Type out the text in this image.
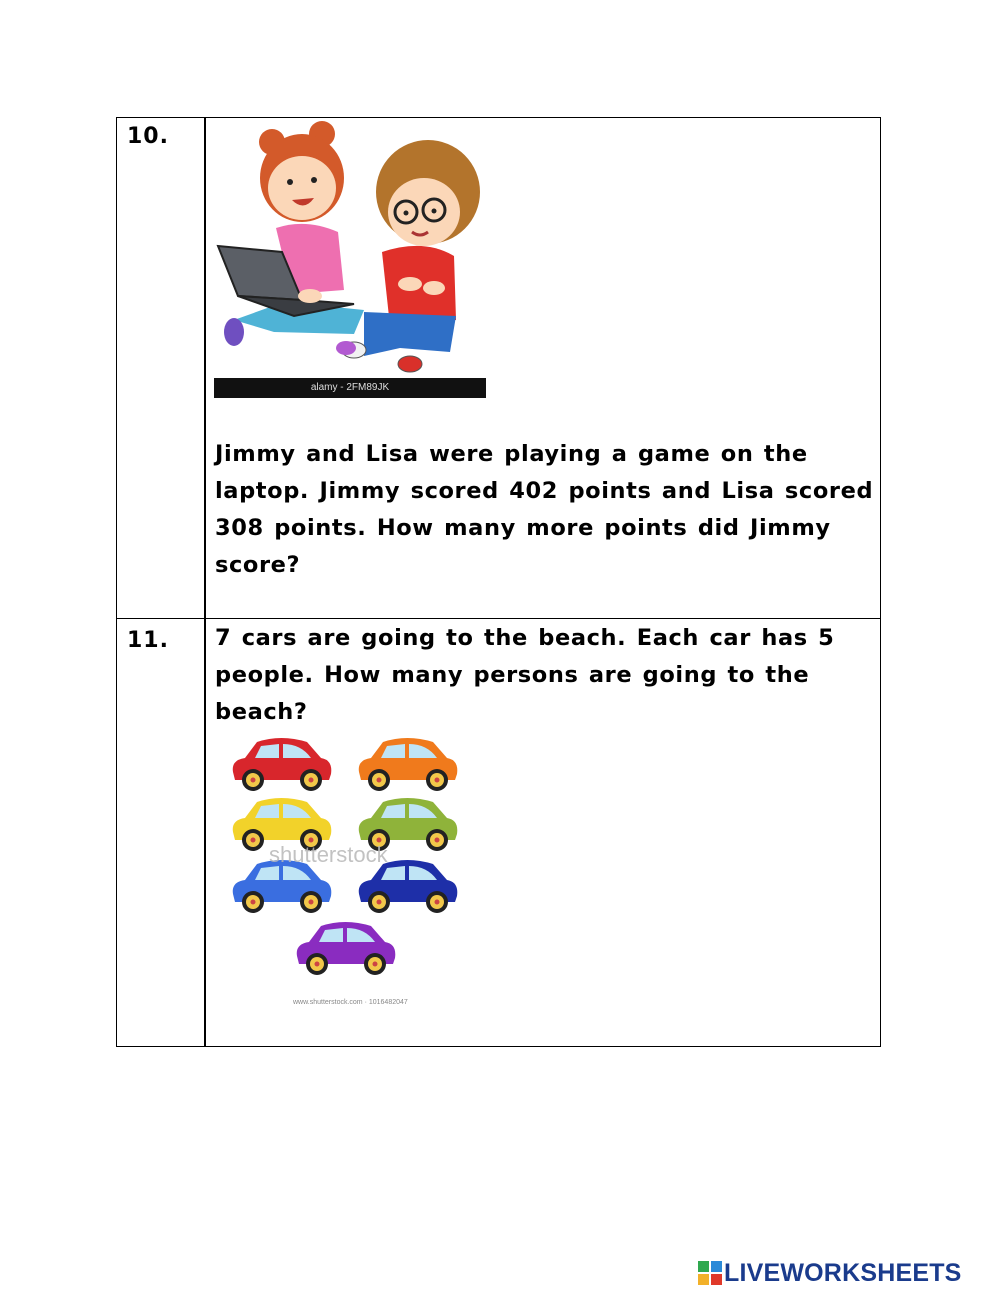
10.
alamy - 2FM89JK

Jimmy and Lisa were playing a game on the laptop. Jimmy scored 402 points and Lisa scored 308 points. How many more points did Jimmy score?

11. 7 cars are going to the beach. Each car has 5 people. How many persons are going to the beach?

shutterstock
www.shutterstock.com · 1016482047
LIVEWORKSHEETS
